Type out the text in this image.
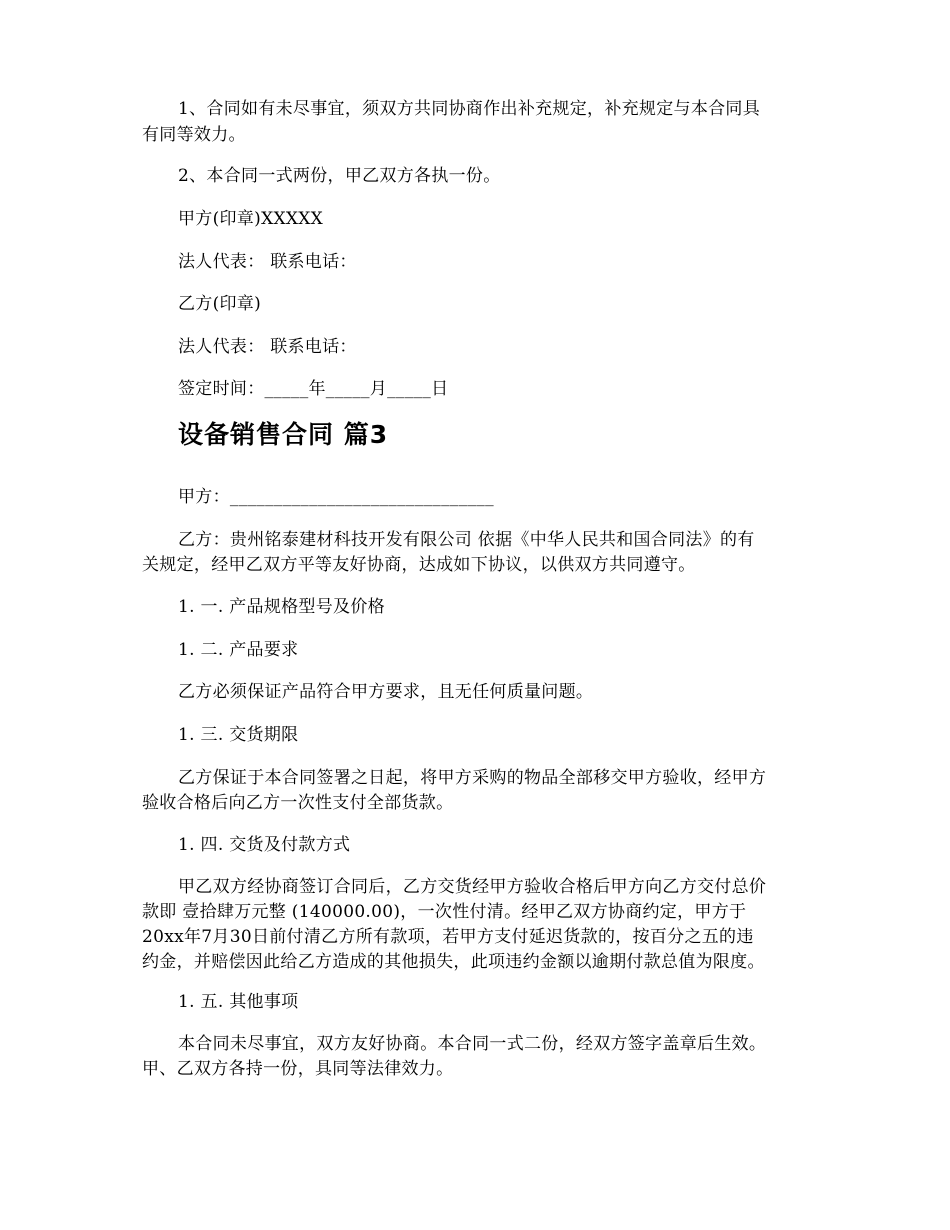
1、合同如有未尽事宜，须双方共同协商作出补充规定，补充规定与本合同具
有同等效力。
2、本合同一式两份，甲乙双方各执一份。
甲方(印章)XXXXX
法人代表： 联系电话：
乙方(印章)
法人代表： 联系电话：
签定时间：_____年_____月_____日
设备销售合同 篇3
甲方：______________________________
乙方：贵州铭泰建材科技开发有限公司 依据《中华人民共和国合同法》的有
关规定，经甲乙双方平等友好协商，达成如下协议，以供双方共同遵守。
1. 一. 产品规格型号及价格
1. 二. 产品要求
乙方必须保证产品符合甲方要求，且无任何质量问题。
1. 三. 交货期限
乙方保证于本合同签署之日起，将甲方采购的物品全部移交甲方验收，经甲方
验收合格后向乙方一次性支付全部货款。
1. 四. 交货及付款方式
甲乙双方经协商签订合同后，乙方交货经甲方验收合格后甲方向乙方交付总价
款即 壹拾肆万元整 (140000.00)，一次性付清。经甲乙双方协商约定，甲方于
20xx年7月30日前付清乙方所有款项，若甲方支付延迟货款的，按百分之五的违
约金，并赔偿因此给乙方造成的其他损失，此项违约金额以逾期付款总值为限度。
1. 五. 其他事项
本合同未尽事宜，双方友好协商。本合同一式二份，经双方签字盖章后生效。
甲、乙双方各持一份，具同等法律效力。
